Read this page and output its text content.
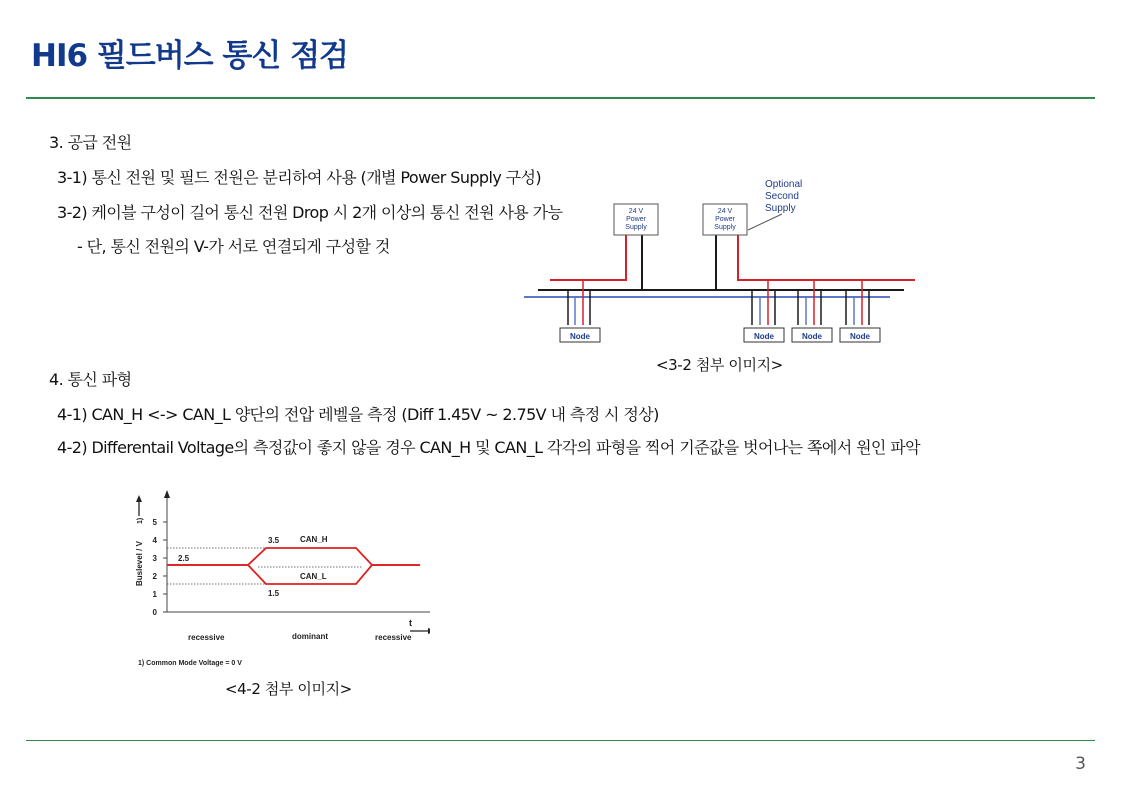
HI6 필드버스 통신 점검
3. 공급 전원
3-1) 통신 전원 및 필드 전원은 분리하여 사용 (개별 Power Supply 구성)
3-2) 케이블 구성이 길어 통신 전원 Drop 시 2개 이상의 통신 전원 사용 가능
- 단, 통신 전원의 V-가 서로 연결되게 구성할 것
24 V
Power
Supply
24 V
Power
Supply
Optional
Second
Supply
Node	Node	Node	Node
<3-2 첨부 이미지>
4. 통신 파형
4-1) CAN_H <-> CAN_L 양단의 전압 레벨을 측정 (Diff 1.45V ~ 2.75V 내 측정 시 정상)
4-2) Differentail Voltage의 측정값이 좋지 않을 경우 CAN_H 및 CAN_L 각각의 파형을 찍어 기준값을 벗어나는 쪽에서 원인 파악
Buslevel / V
1)
0
1
2
3
4
5
2.5
3.5	CAN_H
CAN_L
1.5
t
recessive	dominant	recessive
1) Common Mode Voltage = 0 V
<4-2 첨부 이미지>
3
